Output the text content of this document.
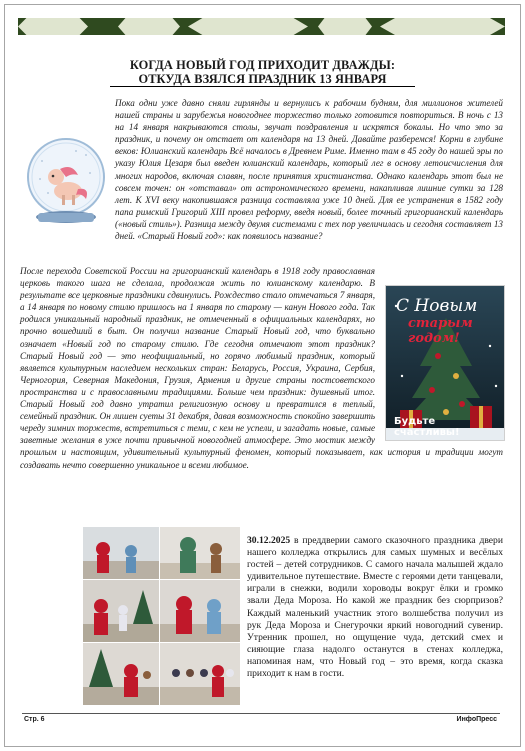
КОГДА НОВЫЙ ГОД ПРИХОДИТ ДВАЖДЫ:
ОТКУДА ВЗЯЛСЯ ПРАЗДНИК 13 ЯНВАРЯ
Пока одни уже давно сняли гирлянды и вернулись к рабочим будням, для миллионов жителей нашей страны и зарубежья новогоднее торжество только готовится повториться. В ночь с 13 на 14 января накрываются столы, звучат поздравления и искрятся бокалы. Но что это за праздник, и почему он отстает от календаря на 13 дней. Давайте разберемся! Корни в глубине веков: Юлианский календарь Всё началось в Древнем Риме. Именно там в 45 году до нашей эры по указу Юлия Цезаря был введен юлианский календарь, который лег в основу летоисчисления для многих народов, включая славян, после принятия христианства. Однако календарь этот был не совсем точен: он «отставал» от астрономического времени, накапливая лишние сутки за 128 лет. К XVI веку накопившаяся разница составляла уже 10 дней. Для ее устранения в 1582 году папа римский Григорий XIII провел реформу, введя новый, более точный григорианский календарь («новый стиль»). Разница между двумя системами с тех пор увеличилась и сегодня составляет 13 дней. «Старый Новый год»: как появилось название?
С Новым
старым годом!
Будьте счастливы!
После перехода Советской России на григорианский календарь в 1918 году православная церковь такого шага не сделала, продолжая жить по юлианскому календарю. В результате все церковные праздники сдвинулись. Рождество стало отмечаться 7 января, а 14 января по новому стилю пришлось на 1 января по старому — канун Нового года. Так родился уникальный народный праздник, не отмеченный в официальных календарях, но прочно вошедший в быт. Он получил название Старый Новый год, что буквально означает «Новый год по старому стилю. Где сегодня отмечают этот праздник? Старый Новый год — это неофициальный, но горячо любимый праздник, который является культурным наследием нескольких стран: Беларусь, Россия, Украина, Сербия, Черногория, Северная Македония, Грузия, Армения и другие страны постсоветского пространства и с православными традициями. Больше чем праздник: душевный итог. Старый Новый год давно утратил религиозную основу и превратился в теплый, семейный праздник. Он лишен суеты 31 декабря, давая возможность спокойно завершить череду зимних торжеств, встретиться с теми, с кем не успели, и загадать новые, самые заветные желания в уже почти привычной новогодней атмосфере. Это мостик между прошлым и настоящим, удивительный культурный феномен, который показывает, как история и традиции могут создавать нечто совершенно уникальное и всеми любимое.
30.12.2025 в преддверии самого сказочного праздника двери нашего колледжа открылись для самых шумных и весёлых гостей – детей сотрудников. С самого начала малышей ждало удивительное путешествие. Вместе с героями дети танцевали, играли в снежки, водили хороводы вокруг ёлки и громко звали Деда Мороза. Но какой же праздник без сюрпризов? Каждый маленький участник этого волшебства получил из рук Деда Мороза и Снегурочки яркий новогодний сувенир. Утренник прошел, но ощущение чуда, детский смех и сияющие глаза надолго останутся в стенах колледжа, напоминая нам, что Новый год – это время, когда сказка приходит к нам в гости.
Стр. 6	ИнфоПресс
